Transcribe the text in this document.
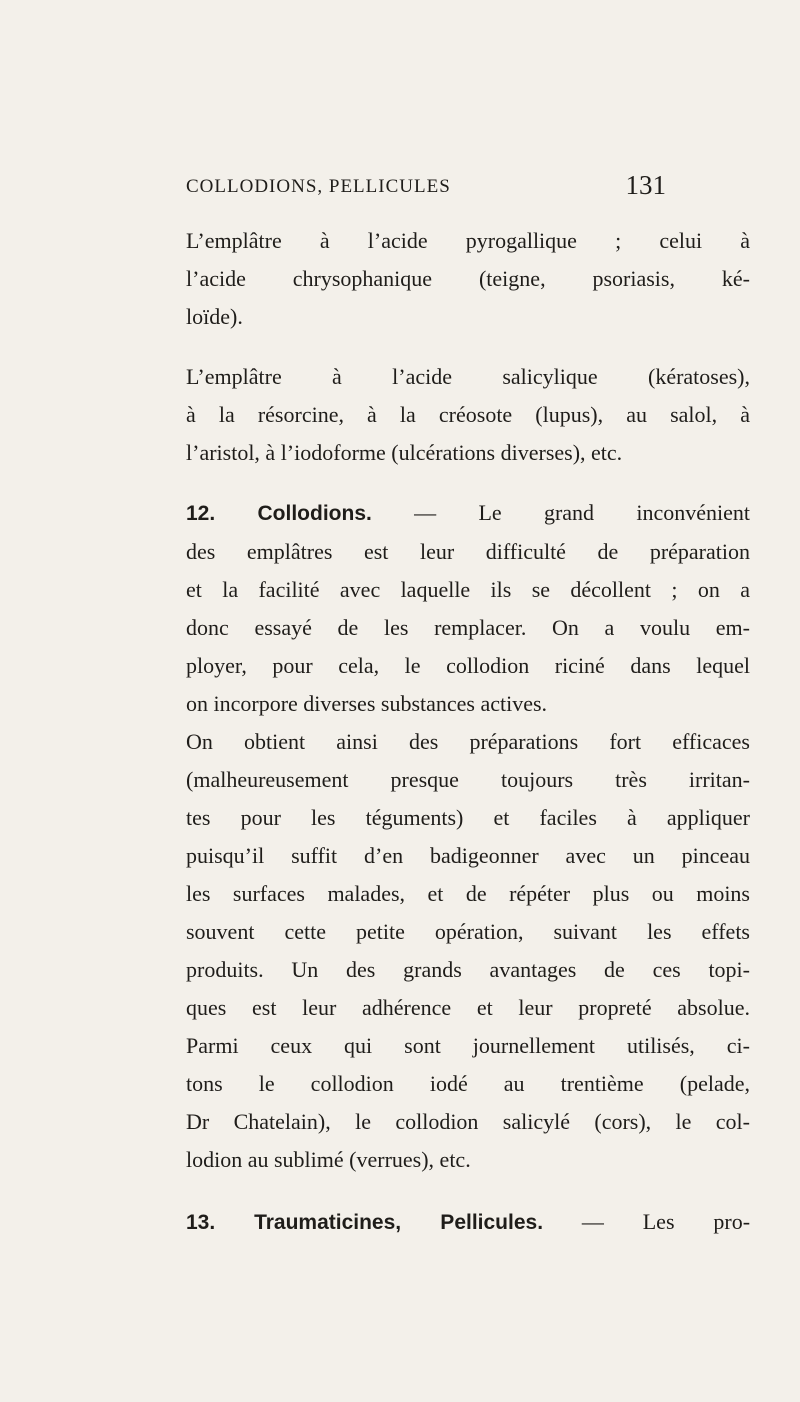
COLLODIONS, PELLICULES	131

L’emplâtre à l’acide pyrogallique ; celui à
l’acide chrysophanique (teigne, psoriasis, ké-
loïde).

L’emplâtre à l’acide salicylique (kératoses),
à la résorcine, à la créosote (lupus), au salol, à
l’aristol, à l’iodoforme (ulcérations diverses), etc.

12. Collodions. — Le grand inconvénient
des emplâtres est leur difficulté de préparation
et la facilité avec laquelle ils se décollent ; on a
donc essayé de les remplacer. On a voulu em-
ployer, pour cela, le collodion riciné dans lequel
on incorpore diverses substances actives.

On obtient ainsi des préparations fort efficaces
(malheureusement presque toujours très irritan-
tes pour les téguments) et faciles à appliquer
puisqu’il suffit d’en badigeonner avec un pinceau
les surfaces malades, et de répéter plus ou moins
souvent cette petite opération, suivant les effets
produits. Un des grands avantages de ces topi-
ques est leur adhérence et leur propreté absolue.
Parmi ceux qui sont journellement utilisés, ci-
tons le collodion iodé au trentième (pelade,
Dr Chatelain), le collodion salicylé (cors), le col-
lodion au sublimé (verrues), etc.

13. Traumaticines, Pellicules. — Les pro-
